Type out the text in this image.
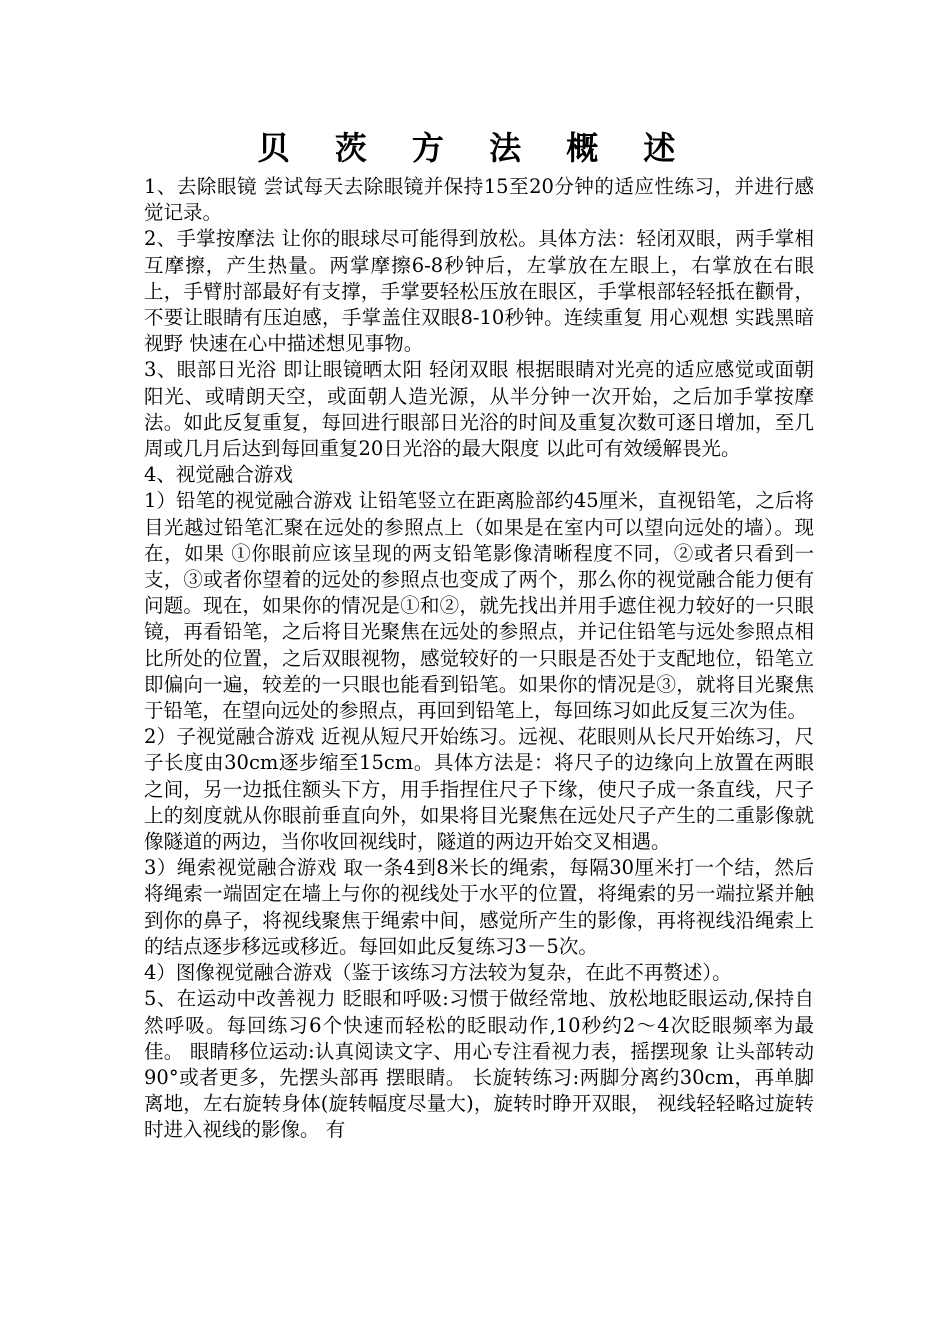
贝 茨 方 法 概 述

1、去除眼镜 尝试每天去除眼镜并保持15至20分钟的适应性练习，并进行感觉记录。

2、手掌按摩法 让你的眼球尽可能得到放松。具体方法：轻闭双眼，两手掌相互摩擦，产生热量。两掌摩擦6-8秒钟后，左掌放在左眼上，右掌放在右眼上，手臂肘部最好有支撑，手掌要轻松压放在眼区，手掌根部轻轻抵在颧骨，不要让眼睛有压迫感，手掌盖住双眼8-10秒钟。连续重复 用心观想 实践黑暗视野 快速在心中描述想见事物。

3、眼部日光浴 即让眼镜晒太阳 轻闭双眼 根据眼睛对光亮的适应感觉或面朝阳光、或晴朗天空，或面朝人造光源，从半分钟一次开始，之后加手掌按摩法。如此反复重复，每回进行眼部日光浴的时间及重复次数可逐日增加，至几周或几月后达到每回重复20日光浴的最大限度 以此可有效缓解畏光。

4、视觉融合游戏

1）铅笔的视觉融合游戏 让铅笔竖立在距离脸部约45厘米，直视铅笔，之后将目光越过铅笔汇聚在远处的参照点上（如果是在室内可以望向远处的墙）。现在，如果 ①你眼前应该呈现的两支铅笔影像清晰程度不同，②或者只看到一支，③或者你望着的远处的参照点也变成了两个，那么你的视觉融合能力便有问题。现在，如果你的情况是①和②，就先找出并用手遮住视力较好的一只眼镜，再看铅笔，之后将目光聚焦在远处的参照点，并记住铅笔与远处参照点相比所处的位置，之后双眼视物，感觉较好的一只眼是否处于支配地位，铅笔立即偏向一遍，较差的一只眼也能看到铅笔。如果你的情况是③，就将目光聚焦于铅笔，在望向远处的参照点，再回到铅笔上，每回练习如此反复三次为佳。

2）子视觉融合游戏 近视从短尺开始练习。远视、花眼则从长尺开始练习，尺子长度由30cm逐步缩至15cm。具体方法是：将尺子的边缘向上放置在两眼之间，另一边抵住额头下方，用手指捏住尺子下缘，使尺子成一条直线，尺子上的刻度就从你眼前垂直向外，如果将目光聚焦在远处尺子产生的二重影像就像隧道的两边，当你收回视线时，隧道的两边开始交叉相遇。

3）绳索视觉融合游戏 取一条4到8米长的绳索，每隔30厘米打一个结，然后将绳索一端固定在墙上与你的视线处于水平的位置，将绳索的另一端拉紧并触到你的鼻子，将视线聚焦于绳索中间，感觉所产生的影像，再将视线沿绳索上的结点逐步移远或移近。每回如此反复练习3－5次。

4）图像视觉融合游戏（鉴于该练习方法较为复杂，在此不再赘述）。

5、在运动中改善视力 眨眼和呼吸:习惯于做经常地、放松地眨眼运动,保持自然呼吸。每回练习6个快速而轻松的眨眼动作,10秒约2～4次眨眼频率为最佳。 眼睛移位运动:认真阅读文字、用心专注看视力表，摇摆现象 让头部转动90°或者更多，先摆头部再 摆眼睛。 长旋转练习:两脚分离约30cm，再单脚离地，左右旋转身体(旋转幅度尽量大)，旋转时睁开双眼， 视线轻轻略过旋转时进入视线的影像。 有
